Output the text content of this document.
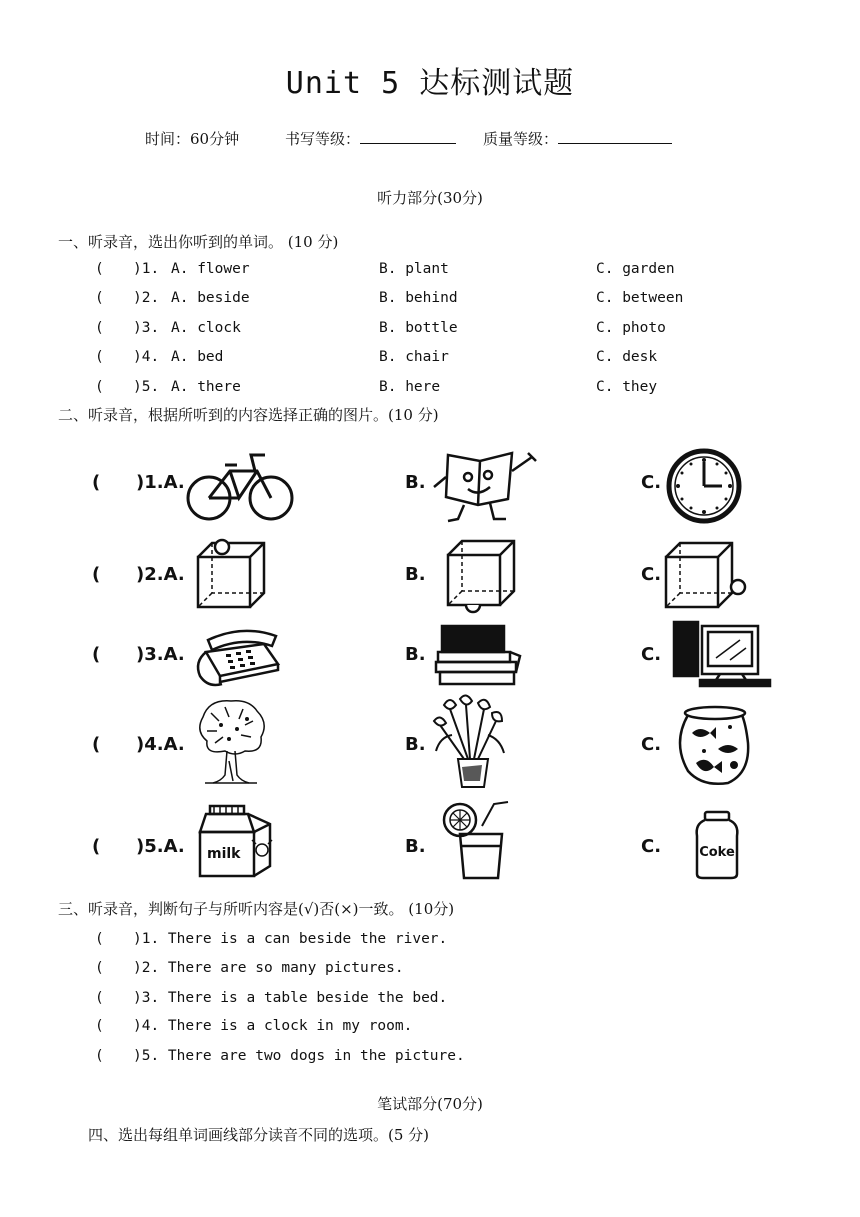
Unit 5 达标测试题
时间：60分钟	书写等级：	质量等级：
听力部分(30分)
一、听录音，选出你听到的单词。 (10 分)
( )1. A. flower	B. plant	C. garden
( )2. A. beside	B. behind	C. between
( )3. A. clock	B. bottle	C. photo
( )4. A. bed	B. chair	C. desk
( )5. A. there	B. here	C. they
二、听录音，根据所听到的内容选择正确的图片。(10 分)
( )1.A.	B.	C.
( )2.A.	B.	C.
( )3.A.	B.	C.
( )4.A.	B.	C.
( )5.A.	B.	C.
milk	Coke
三、听录音，判断句子与所听内容是(√)否(×)一致。 (10分)
( )1. There is a can beside the river.
( )2. There are so many pictures.
( )3. There is a table beside the bed.
( )4. There is a clock in my room.
( )5. There are two dogs in the picture.
笔试部分(70分)
四、选出每组单词画线部分读音不同的选项。(5 分)
